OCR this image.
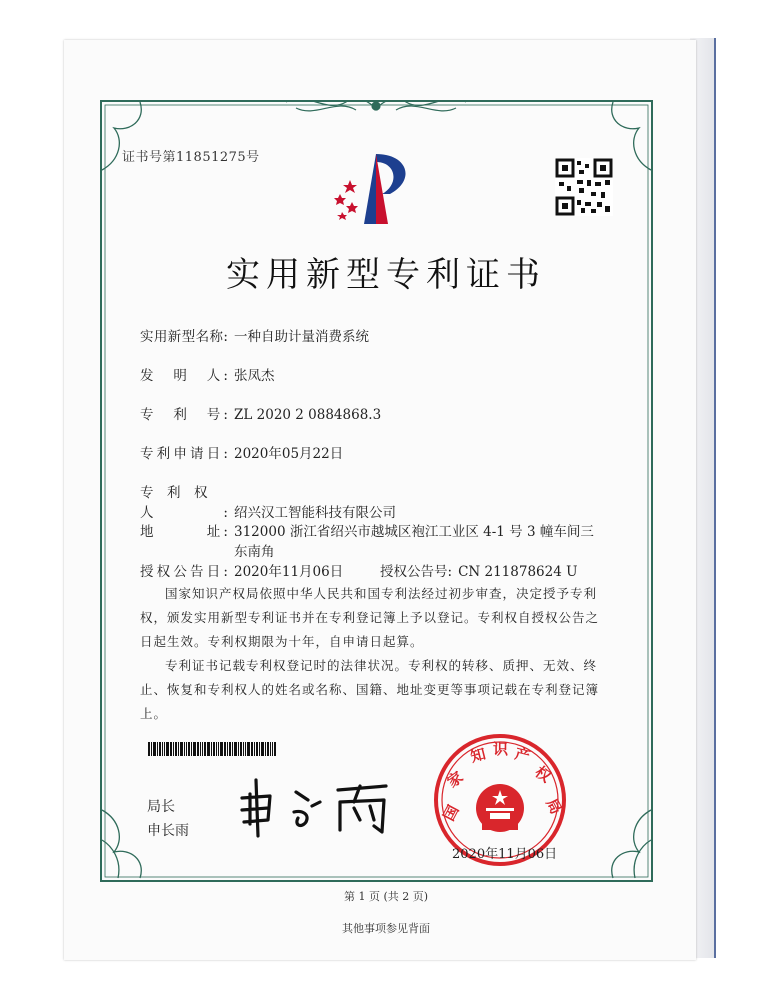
证书号第11851275号
实用新型专利证书
实用新型名称: 一种自助计量消费系统
发　明　人: 张凤杰
专　利　号: ZL 2020 2 0884868.3
专利申请日: 2020年05月22日
专　利　权　人: 绍兴汉工智能科技有限公司
地　　　址: 312000 浙江省绍兴市越城区袍江工业区 4-1 号 3 幢车间三
东南角
授权公告日: 2020年11月06日	授权公告号: CN 211878624 U
国家知识产权局依照中华人民共和国专利法经过初步审查，决定授予专利权，颁发实用新型专利证书并在专利登记簿上予以登记。专利权自授权公告之日起生效。专利权期限为十年，自申请日起算。
专利证书记载专利权登记时的法律状况。专利权的转移、质押、无效、终止、恢复和专利权人的姓名或名称、国籍、地址变更等事项记载在专利登记簿上。
局长
申长雨
国
家
知 识 产
权
局
2020年11月06日
第 1 页 (共 2 页)
其他事项参见背面
